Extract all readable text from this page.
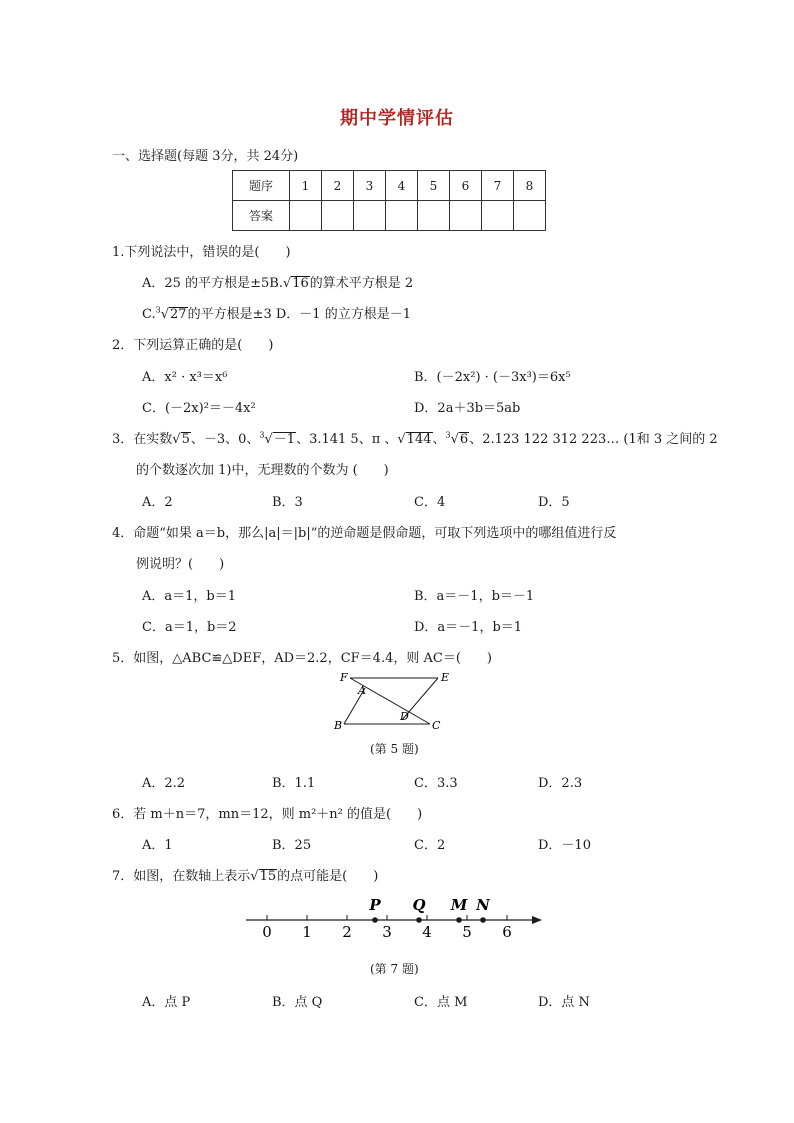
期中学情评估
一、选择题(每题 3分，共 24分)
题序	1	2	3	4	5	6	7	8
答案								
1.下列说法中，错误的是(　　)
A．25 的平方根是±5B.√16的算术平方根是 2
C.$^3$√27的平方根是±3 D．－1 的立方根是－1
2．下列运算正确的是(　　)
A．x² · x³＝x⁶	B．(－2x²) · (－3x³)＝6x⁵
C．(－2x)²＝－4x²	D．2a＋3b＝5ab
3．在实数√5、－3、0、$^3$√－1、3.141 5、π 、√144、$^3$√6、2.123 122 312 223… (1和 3 之间的 2
的个数逐次加 1)中，无理数的个数为 (　　)
A．2	B．3	C．4	D．5
4．命题“如果 a＝b，那么|a|＝|b|”的逆命题是假命题，可取下列选项中的哪组值进行反
例说明？(　　)
A．a＝1，b＝1	B．a＝－1，b＝－1
C．a＝1，b＝2	D．a＝－1，b＝1
5．如图，△ABC≌△DEF，AD＝2.2，CF＝4.4，则 AC＝(　　)
F	E
A
D
B	C
(第 5 题)
A．2.2	B．1.1	C．3.3	D．2.3
6．若 m＋n＝7，mn＝12，则 m²＋n² 的值是(　　)
A．1	B．25	C．2	D．－10
7．如图，在数轴上表示√15的点可能是(　　)
0 1 2 3 4 5 6
P Q M N
(第 7 题)
A．点 P	B．点 Q	C．点 M	D．点 N
